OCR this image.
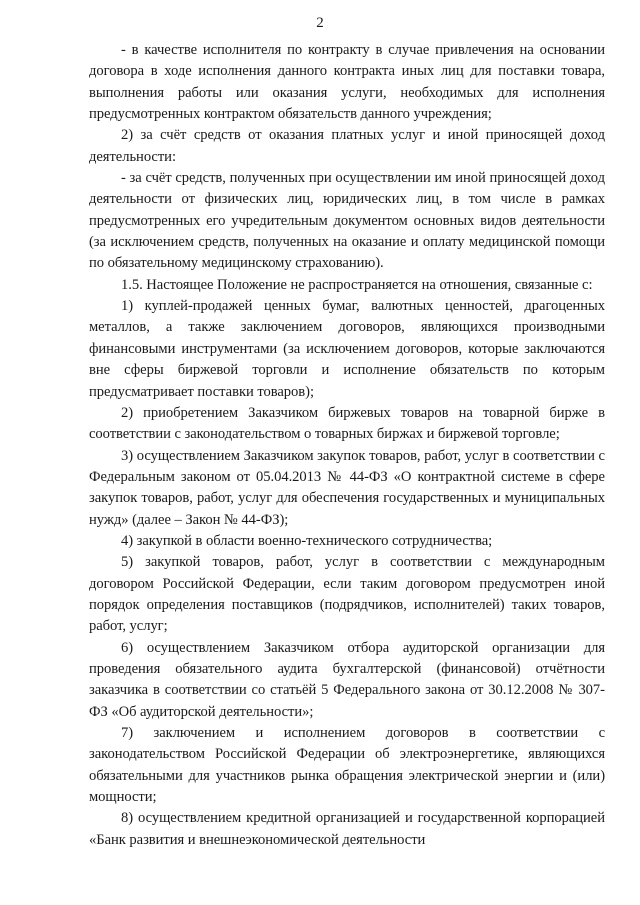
2

- в качестве исполнителя по контракту в случае привлечения на основании договора в ходе исполнения данного контракта иных лиц для поставки товара, выполнения работы или оказания услуги, необходимых для исполнения предусмотренных контрактом обязательств данного учреждения;

2) за счёт средств от оказания платных услуг и иной приносящей доход деятельности:

- за счёт средств, полученных при осуществлении им иной приносящей доход деятельности от физических лиц, юридических лиц, в том числе в рамках предусмотренных его учредительным документом основных видов деятельности (за исключением средств, полученных на оказание и оплату медицинской помощи по обязательному медицинскому страхованию).

1.5. Настоящее Положение не распространяется на отношения, связанные с:

1) куплей-продажей ценных бумаг, валютных ценностей, драгоценных металлов, а также заключением договоров, являющихся производными финансовыми инструментами (за исключением договоров, которые заключаются вне сферы биржевой торговли и исполнение обязательств по которым предусматривает поставки товаров);

2) приобретением Заказчиком биржевых товаров на товарной бирже в соответствии с законодательством о товарных биржах и биржевой торговле;

3) осуществлением Заказчиком закупок товаров, работ, услуг в соответствии с Федеральным законом от 05.04.2013 № 44-ФЗ «О контрактной системе в сфере закупок товаров, работ, услуг для обеспечения государственных и муниципальных нужд» (далее – Закон № 44-ФЗ);

4) закупкой в области военно-технического сотрудничества;

5) закупкой товаров, работ, услуг в соответствии с международным договором Российской Федерации, если таким договором предусмотрен иной порядок определения поставщиков (подрядчиков, исполнителей) таких товаров, работ, услуг;

6) осуществлением Заказчиком отбора аудиторской организации для проведения обязательного аудита бухгалтерской (финансовой) отчётности заказчика в соответствии со статьёй 5 Федерального закона от 30.12.2008 № 307-ФЗ «Об аудиторской деятельности»;

7) заключением и исполнением договоров в соответствии с законодательством Российской Федерации об электроэнергетике, являющихся обязательными для участников рынка обращения электрической энергии и (или) мощности;

8) осуществлением кредитной организацией и государственной корпорацией «Банк развития и внешнеэкономической деятельности
